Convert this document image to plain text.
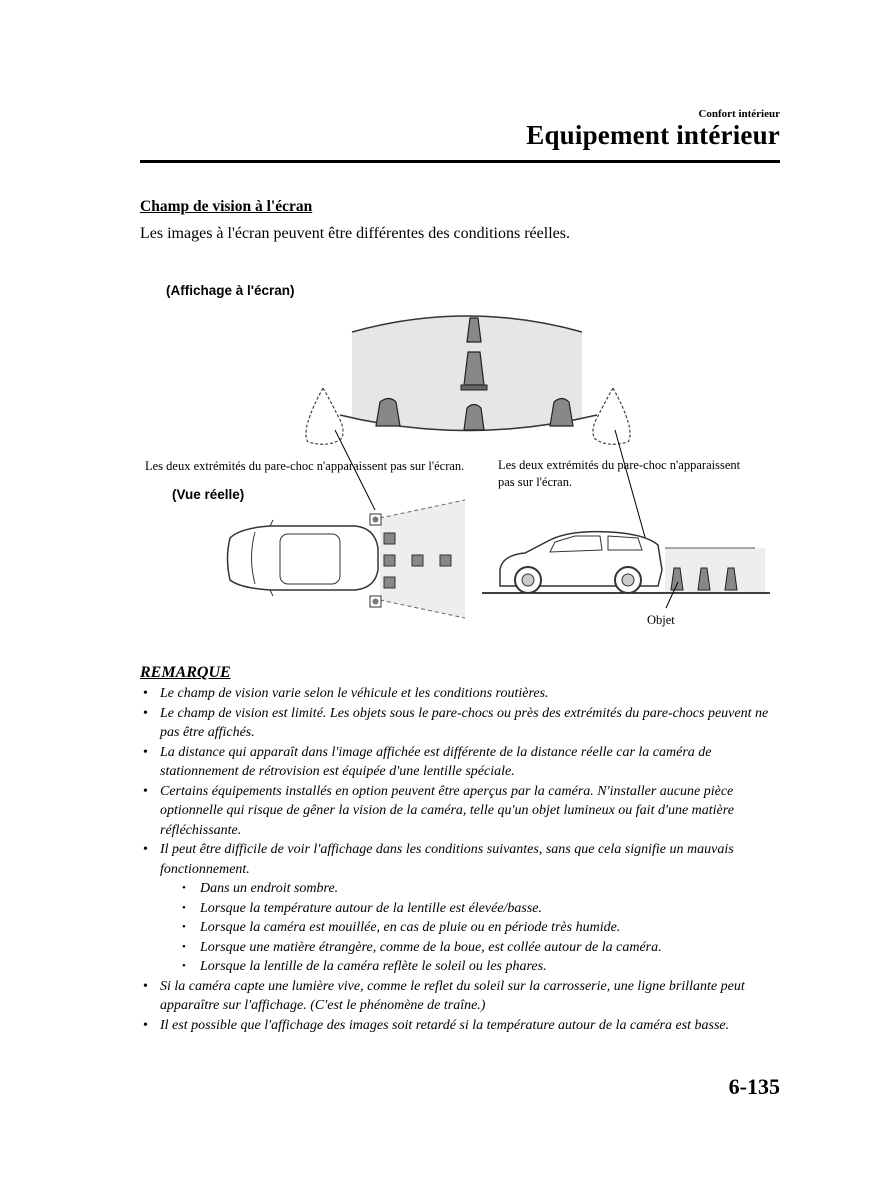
Confort intérieur
Equipement intérieur
Champ de vision à l'écran
Les images à l'écran peuvent être différentes des conditions réelles.
(Affichage à l'écran)
(Vue réelle)
Les deux extrémités du pare-choc n'apparaissent pas sur l'écran.	Les deux extrémités du pare-choc n'apparaissent
pas sur l'écran.
Objet
REMARQUE
• Le champ de vision varie selon le véhicule et les conditions routières.
• Le champ de vision est limité. Les objets sous le pare-chocs ou près des extrémités du pare-chocs peuvent ne pas être affichés.
• La distance qui apparaît dans l'image affichée est différente de la distance réelle car la caméra de stationnement de rétrovision est équipée d'une lentille spéciale.
• Certains équipements installés en option peuvent être aperçus par la caméra. N'installer aucune pièce optionnelle qui risque de gêner la vision de la caméra, telle qu'un objet lumineux ou fait d'une matière réfléchissante.
• Il peut être difficile de voir l'affichage dans les conditions suivantes, sans que cela signifie un mauvais fonctionnement.
• Dans un endroit sombre.
• Lorsque la température autour de la lentille est élevée/basse.
• Lorsque la caméra est mouillée, en cas de pluie ou en période très humide.
• Lorsque une matière étrangère, comme de la boue, est collée autour de la caméra.
• Lorsque la lentille de la caméra reflète le soleil ou les phares.
• Si la caméra capte une lumière vive, comme le reflet du soleil sur la carrosserie, une ligne brillante peut apparaître sur l'affichage. (C'est le phénomène de traîne.)
• Il est possible que l'affichage des images soit retardé si la température autour de la caméra est basse.
6-135
